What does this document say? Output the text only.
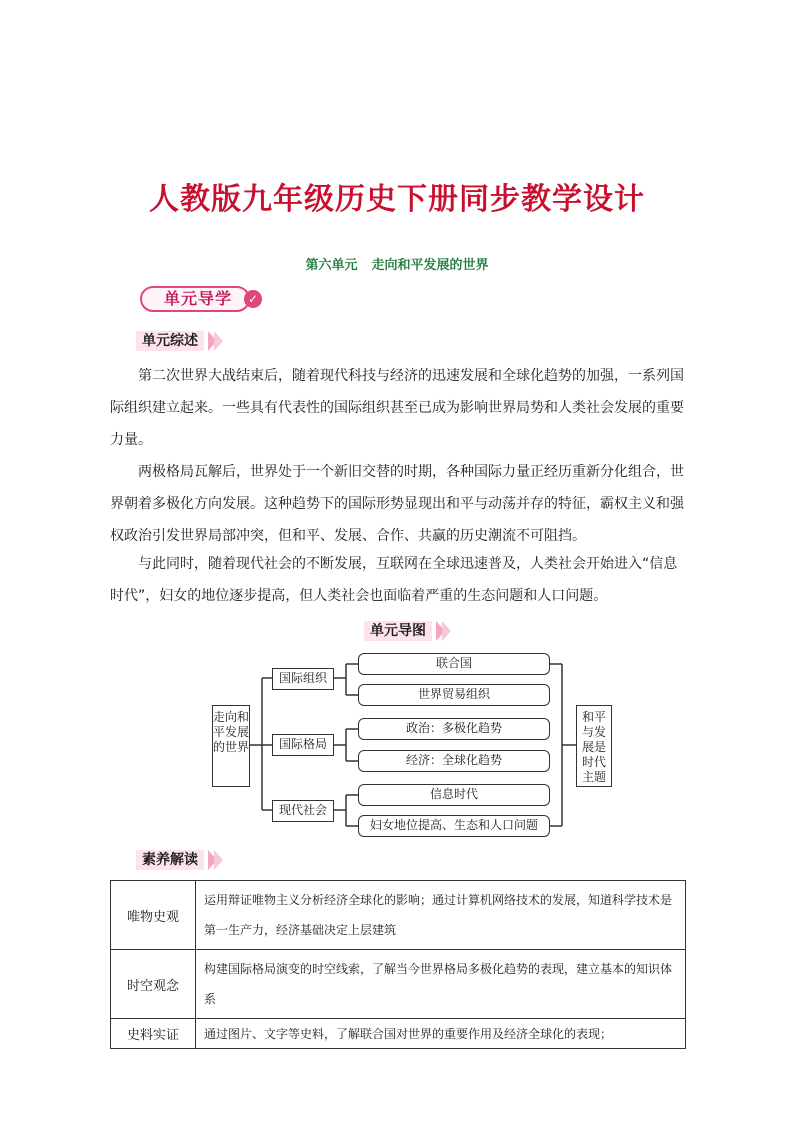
人教版九年级历史下册同步教学设计
第六单元 走向和平发展的世界
单元导学	✓
单元综述

第二次世界大战结束后，随着现代科技与经济的迅速发展和全球化趋势的加强，一系列国际组织建立起来。一些具有代表性的国际组织甚至已成为影响世界局势和人类社会发展的重要力量。

两极格局瓦解后，世界处于一个新旧交替的时期，各种国际力量正经历重新分化组合，世界朝着多极化方向发展。这种趋势下的国际形势显现出和平与动荡并存的特征，霸权主义和强权政治引发世界局部冲突，但和平、发展、合作、共赢的历史潮流不可阻挡。

与此同时，随着现代社会的不断发展，互联网在全球迅速普及，人类社会开始进入“信息时代”，妇女的地位逐步提高，但人类社会也面临着严重的生态问题和人口问题。

单元导图
走向和平发展的世界
国际组织
国际格局
现代社会
联合国
世界贸易组织
政治：多极化趋势
经济：全球化趋势
信息时代
妇女地位提高、生态和人口问题
和平与发展是时代主题
素养解读
唯物史观	运用辩证唯物主义分析经济全球化的影响；通过计算机网络技术的发展，知道科学技术是第一生产力，经济基础决定上层建筑
时空观念	构建国际格局演变的时空线索，了解当今世界格局多极化趋势的表现，建立基本的知识体系
史料实证	通过图片、文字等史料，了解联合国对世界的重要作用及经济全球化的表现；
